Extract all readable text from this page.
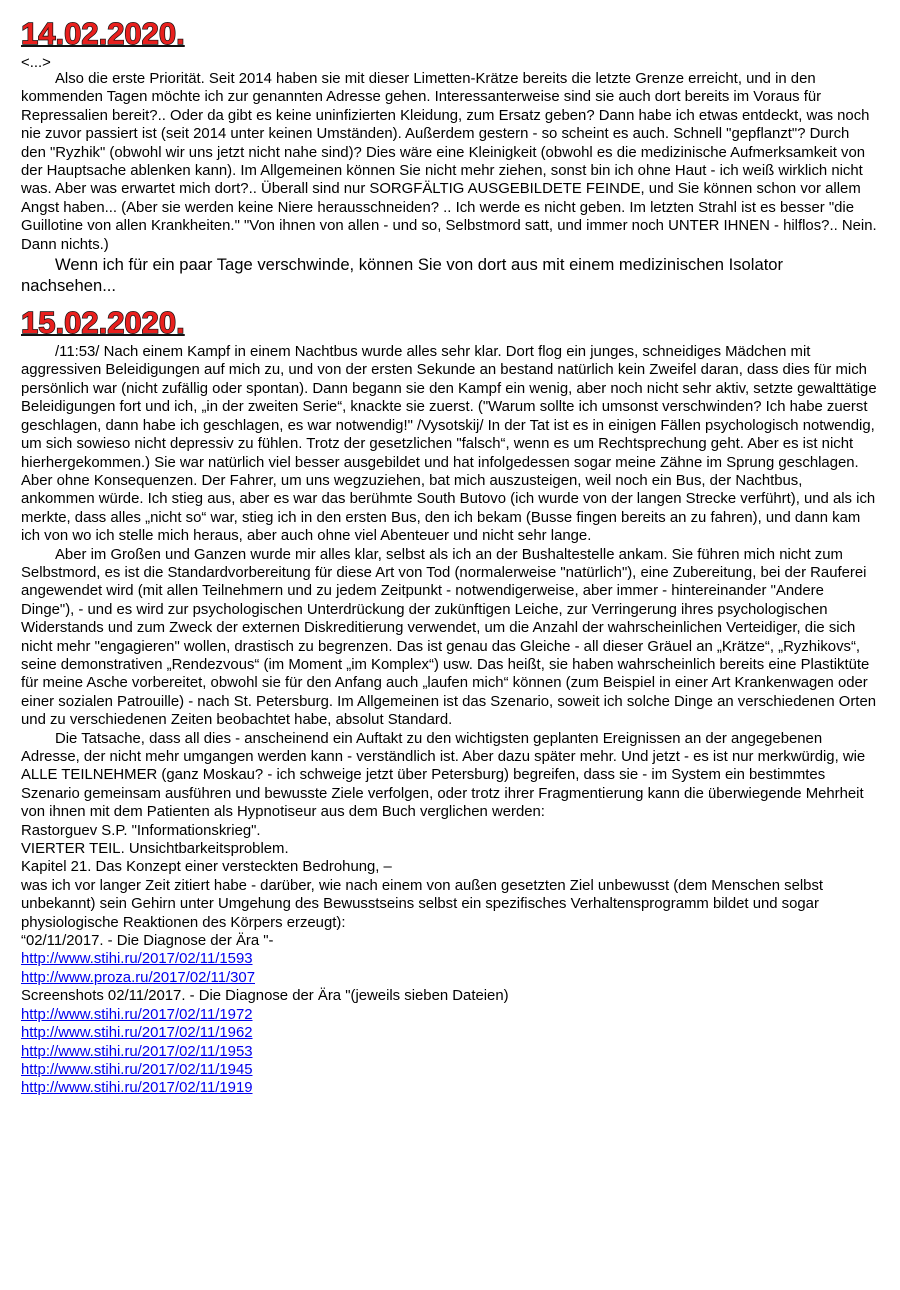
14.02.2020.

<...>

Also die erste Priorität. Seit 2014 haben sie mit dieser Limetten-Krätze bereits die letzte Grenze erreicht, und in den kommenden Tagen möchte ich zur genannten Adresse gehen. Interessanterweise sind sie auch dort bereits im Voraus für Repressalien bereit?.. Oder da gibt es keine uninfizierten Kleidung, zum Ersatz geben? Dann habe ich etwas entdeckt, was noch nie zuvor passiert ist (seit 2014 unter keinen Umständen). Außerdem gestern - so scheint es auch. Schnell "gepflanzt"? Durch den "Ryzhik" (obwohl wir uns jetzt nicht nahe sind)? Dies wäre eine Kleinigkeit (obwohl es die medizinische Aufmerksamkeit von der Hauptsache ablenken kann). Im Allgemeinen können Sie nicht mehr ziehen, sonst bin ich ohne Haut - ich weiß wirklich nicht was. Aber was erwartet mich dort?.. Überall sind nur SORGFÄLTIG AUSGEBILDETE FEINDE, und Sie können schon vor allem Angst haben... (Aber sie werden keine Niere herausschneiden? .. Ich werde es nicht geben. Im letzten Strahl ist es besser "die Guillotine von allen Krankheiten." "Von ihnen von allen - und so, Selbstmord satt, und immer noch UNTER IHNEN - hilflos?.. Nein. Dann nichts.)

Wenn ich für ein paar Tage verschwinde, können Sie von dort aus mit einem medizinischen Isolator nachsehen...

15.02.2020.

/11:53/ Nach einem Kampf in einem Nachtbus wurde alles sehr klar. Dort flog ein junges, schneidiges Mädchen mit aggressiven Beleidigungen auf mich zu, und von der ersten Sekunde an bestand natürlich kein Zweifel daran, dass dies für mich persönlich war (nicht zufällig oder spontan). Dann begann sie den Kampf ein wenig, aber noch nicht sehr aktiv, setzte gewalttätige Beleidigungen fort und ich, „in der zweiten Serie“, knackte sie zuerst. ("Warum sollte ich umsonst verschwinden? Ich habe zuerst geschlagen, dann habe ich geschlagen, es war notwendig!" /Vysotskij/ In der Tat ist es in einigen Fällen psychologisch notwendig, um sich sowieso nicht depressiv zu fühlen. Trotz der gesetzlichen "falsch“, wenn es um Rechtsprechung geht. Aber es ist nicht hierhergekommen.) Sie war natürlich viel besser ausgebildet und hat infolgedessen sogar meine Zähne im Sprung geschlagen. Aber ohne Konsequenzen. Der Fahrer, um uns wegzuziehen, bat mich auszusteigen, weil noch ein Bus, der Nachtbus, ankommen würde. Ich stieg aus, aber es war das berühmte South Butovo (ich wurde von der langen Strecke verführt), und als ich merkte, dass alles „nicht so“ war, stieg ich in den ersten Bus, den ich bekam (Busse fingen bereits an zu fahren), und dann kam ich von wo ich stelle mich heraus, aber auch ohne viel Abenteuer und nicht sehr lange.

Aber im Großen und Ganzen wurde mir alles klar, selbst als ich an der Bushaltestelle ankam. Sie führen mich nicht zum Selbstmord, es ist die Standardvorbereitung für diese Art von Tod (normalerweise "natürlich"), eine Zubereitung, bei der Rauferei angewendet wird (mit allen Teilnehmern und zu jedem Zeitpunkt - notwendigerweise, aber immer - hintereinander "Andere Dinge"), - und es wird zur psychologischen Unterdrückung der zukünftigen Leiche, zur Verringerung ihres psychologischen Widerstands und zum Zweck der externen Diskreditierung verwendet, um die Anzahl der wahrscheinlichen Verteidiger, die sich nicht mehr "engagieren" wollen, drastisch zu begrenzen. Das ist genau das Gleiche - all dieser Gräuel an „Krätze“, „Ryzhikovs“, seine demonstrativen „Rendezvous“ (im Moment „im Komplex“) usw. Das heißt, sie haben wahrscheinlich bereits eine Plastiktüte für meine Asche vorbereitet, obwohl sie für den Anfang auch „laufen mich“ können (zum Beispiel in einer Art Krankenwagen oder einer sozialen Patrouille) - nach St. Petersburg. Im Allgemeinen ist das Szenario, soweit ich solche Dinge an verschiedenen Orten und zu verschiedenen Zeiten beobachtet habe, absolut Standard.

Die Tatsache, dass all dies - anscheinend ein Auftakt zu den wichtigsten geplanten Ereignissen an der angegebenen Adresse, der nicht mehr umgangen werden kann - verständlich ist. Aber dazu später mehr. Und jetzt - es ist nur merkwürdig, wie ALLE TEILNEHMER (ganz Moskau? - ich schweige jetzt über Petersburg) begreifen, dass sie - im System ein bestimmtes Szenario gemeinsam ausführen und bewusste Ziele verfolgen, oder trotz ihrer Fragmentierung kann die überwiegende Mehrheit von ihnen mit dem Patienten als Hypnotiseur aus dem Buch verglichen werden:

Rastorguev S.P. "Informationskrieg".

VIERTER TEIL. Unsichtbarkeitsproblem.

Kapitel 21. Das Konzept einer versteckten Bedrohung, –

was ich vor langer Zeit zitiert habe - darüber, wie nach einem von außen gesetzten Ziel unbewusst (dem Menschen selbst unbekannt) sein Gehirn unter Umgehung des Bewusstseins selbst ein spezifisches Verhaltensprogramm bildet und sogar physiologische Reaktionen des Körpers erzeugt):

“02/11/2017. - Die Diagnose der Ära "-

http://www.stihi.ru/2017/02/11/1593

http://www.proza.ru/2017/02/11/307

Screenshots 02/11/2017. - Die Diagnose der Ära "(jeweils sieben Dateien)

http://www.stihi.ru/2017/02/11/1972

http://www.stihi.ru/2017/02/11/1962

http://www.stihi.ru/2017/02/11/1953

http://www.stihi.ru/2017/02/11/1945

http://www.stihi.ru/2017/02/11/1919
